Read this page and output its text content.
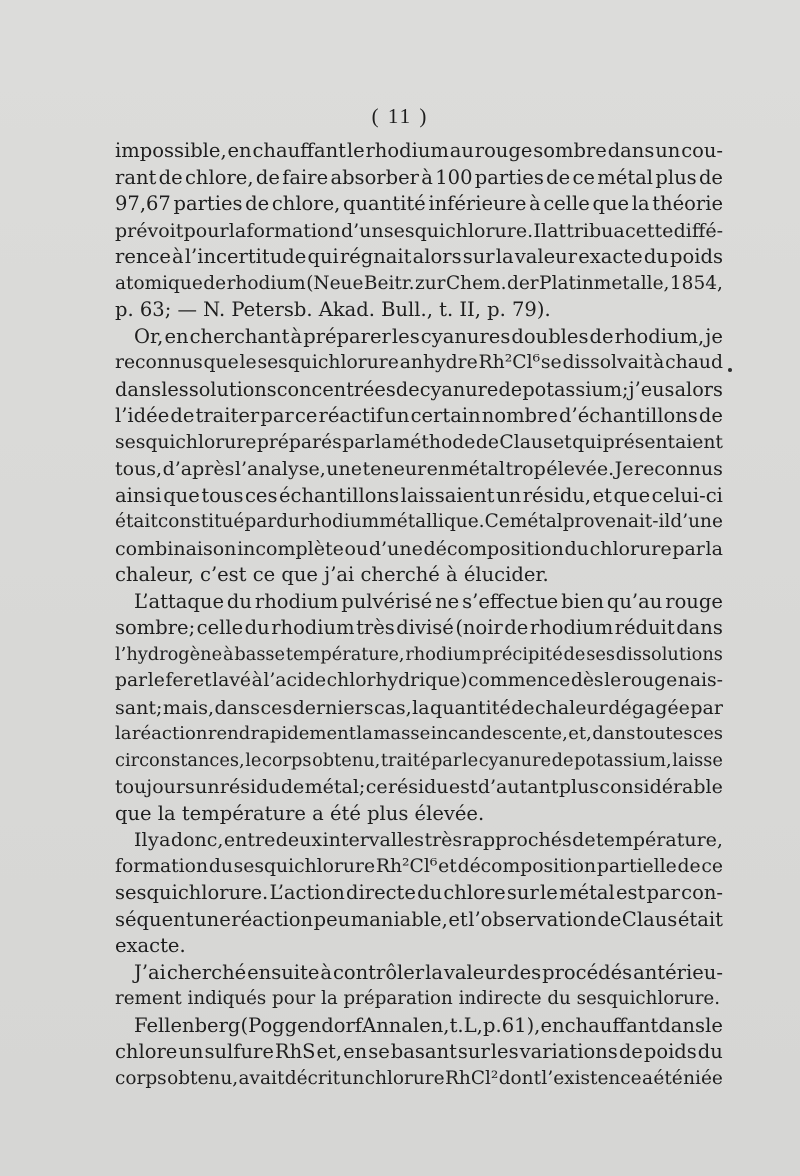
( 11 )
impossible, en chauffant le rhodium au rouge sombre dans un cou-
rant de chlore, de faire absorber à 100 parties de ce métal plus de
97,67 parties de chlore, quantité inférieure à celle que la théorie
prévoit pour la formation d’un sesquichlorure. Il attribua cette diffé-
rence à l’incertitude qui régnait alors sur la valeur exacte du poids
atomique de rhodium (Neue Beitr. zur Chem. der Platinmetalle, 1854,
p. 63; — N. Petersb. Akad. Bull., t. II, p. 79).
Or, en cherchant à préparer les cyanures doubles de rhodium, je
reconnus que le sesquichlorure anhydre Rh²Cl⁶ se dissolvait à chaud
dans les solutions concentrées de cyanure de potassium; j’eus alors
l’idée de traiter par ce réactif un certain nombre d’échantillons de
sesquichlorure préparés par la méthode de Claus et qui présentaient
tous, d’après l’analyse, une teneur en métal trop élevée. Je reconnus
ainsi que tous ces échantillons laissaient un résidu, et que celui-ci
était constitué par du rhodium métallique. Ce métal provenait-il d’une
combinaison incomplète ou d’une décomposition du chlorure par la
chaleur, c’est ce que j’ai cherché à élucider.
L’attaque du rhodium pulvérisé ne s’effectue bien qu’au rouge
sombre; celle du rhodium très divisé (noir de rhodium réduit dans
l’hydrogène à basse température, rhodium précipité de ses dissolutions
par le fer et lavé à l’acide chlorhydrique) commence dès le rouge nais-
sant; mais, dans ces derniers cas, la quantité de chaleur dégagée par
la réaction rend rapidement la masse incandescente, et, dans toutes ces
circonstances, le corps obtenu, traité par le cyanure de potassium, laisse
toujours un résidu de métal; ce résidu est d’autant plus considérable
que la température a été plus élevée.
Il y a donc, entre deux intervalles très rapprochés de température,
formation du sesquichlorure Rh²Cl⁶ et décomposition partielle de ce
sesquichlorure. L’action directe du chlore sur le métal est par con-
séquent une réaction peu maniable, et l’observation de Claus était
exacte.
J’ai cherché ensuite à contrôler la valeur des procédés antérieu-
rement indiqués pour la préparation indirecte du sesquichlorure.
Fellenberg (Poggendorf Annalen, t. L, p. 61), en chauffant dans le
chlore un sulfure RhS et, en se basant sur les variations de poids du
corps obtenu, avait décrit un chlorure RhCl² dont l’existence a été niée
